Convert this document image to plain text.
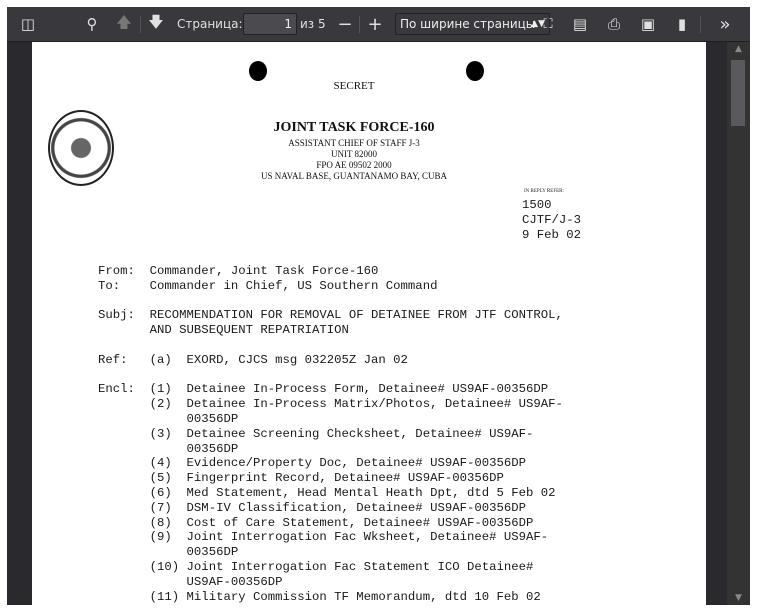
◫	⚲	🡅	🡇	Страница:
1	из 5 − +	По ширине страницы
▲▼
⛶	▤	⎙	▣	▮	»
SECRET
JOINT TASK FORCE-160
ASSISTANT CHIEF OF STAFF J-3
UNIT 82000
FPO AE 09502 2000
US NAVAL BASE, GUANTANAMO BAY, CUBA
IN REPLY REFER:
1500
CJTF/J-3
9 Feb 02
From:  Commander, Joint Task Force-160
To:    Commander in Chief, US Southern Command
Subj:  RECOMMENDATION FOR REMOVAL OF DETAINEE FROM JTF CONTROL,
AND SUBSEQUENT REPATRIATION
Ref:   (a)  EXORD, CJCS msg 032205Z Jan 02
Encl:  (1)  Detainee In-Process Form, Detainee# US9AF-00356DP
(2)  Detainee In-Process Matrix/Photos, Detainee# US9AF-
00356DP
(3)  Detainee Screening Checksheet, Detainee# US9AF-
00356DP
(4)  Evidence/Property Doc, Detainee# US9AF-00356DP
(5)  Fingerprint Record, Detainee# US9AF-00356DP
(6)  Med Statement, Head Mental Heath Dpt, dtd 5 Feb 02
(7)  DSM-IV Classification, Detainee# US9AF-00356DP
(8)  Cost of Care Statement, Detainee# US9AF-00356DP
(9)  Joint Interrogation Fac Wksheet, Detainee# US9AF-
00356DP
(10) Joint Interrogation Fac Statement ICO Detainee#
US9AF-00356DP
(11) Military Commission TF Memorandum, dtd 10 Feb 02
▲
▼
